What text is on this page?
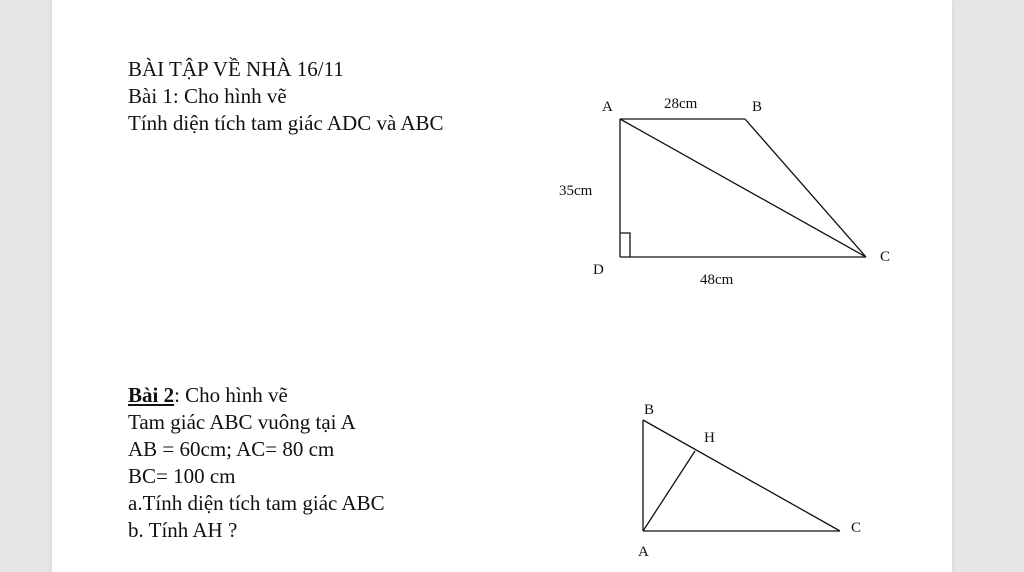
BÀI TẬP VỀ NHÀ 16/11
Bài 1: Cho hình vẽ
Tính diện tích tam giác ADC và ABC
Bài 2: Cho hình vẽ
Tam giác ABC vuông tại A
AB = 60cm; AC= 80 cm
BC= 100 cm
a.Tính diện tích tam giác ABC
b. Tính AH ?
A	B
C
D
28cm
35cm
48cm
B
H
C
A
